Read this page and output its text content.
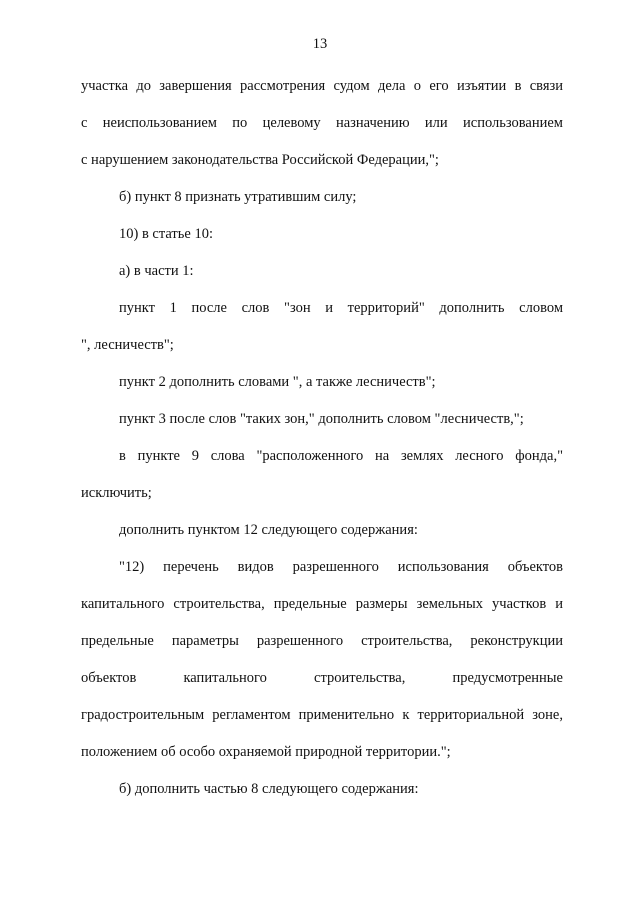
13
участка до завершения рассмотрения судом дела о его изъятии в связи
с неиспользованием по целевому назначению или использованием
с нарушением законодательства Российской Федерации,";
б) пункт 8 признать утратившим силу;
10) в статье 10:
а) в части 1:
пункт 1 после слов "зон и территорий" дополнить словом
", лесничеств";
пункт 2 дополнить словами ", а также лесничеств";
пункт 3 после слов "таких зон," дополнить словом "лесничеств,";
в пункте 9 слова "расположенного на землях лесного фонда,"
исключить;
дополнить пунктом 12 следующего содержания:
"12) перечень видов разрешенного использования объектов
капитального строительства, предельные размеры земельных участков и
предельные параметры разрешенного строительства, реконструкции
объектов капитального строительства, предусмотренные
градостроительным регламентом применительно к территориальной зоне,
положением об особо охраняемой природной территории.";
б) дополнить частью 8 следующего содержания:
